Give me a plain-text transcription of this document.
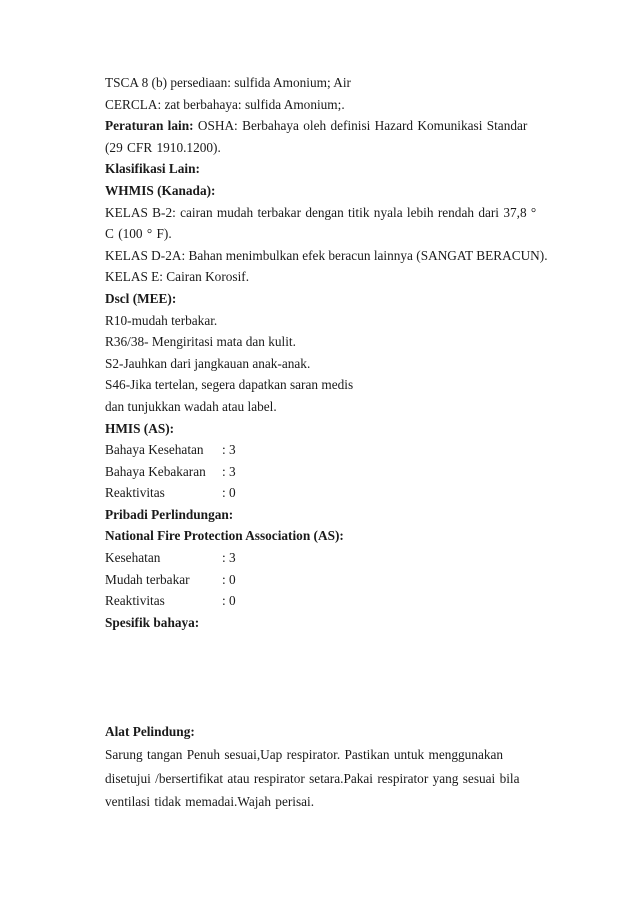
TSCA 8 (b) persediaan: sulfida Amonium; Air
CERCLA: zat berbahaya: sulfida Amonium;.
Peraturan lain: OSHA: Berbahaya oleh definisi Hazard Komunikasi Standar (29 CFR 1910.1200).
Klasifikasi Lain:
WHMIS (Kanada):
KELAS B-2: cairan mudah terbakar dengan titik nyala lebih rendah dari 37,8 ° C (100 ° F).
KELAS D-2A: Bahan menimbulkan efek beracun lainnya (SANGAT BERACUN).
KELAS E: Cairan Korosif.
Dscl (MEE):
R10-mudah terbakar.
R36/38- Mengiritasi mata dan kulit.
S2-Jauhkan dari jangkauan anak-anak.
S46-Jika tertelan, segera dapatkan saran medis
dan tunjukkan wadah atau label.
HMIS (AS):
Bahaya Kesehatan	: 3
Bahaya Kebakaran	: 3
Reaktivitas	: 0
Pribadi Perlindungan:
National Fire Protection Association (AS):
Kesehatan	: 3
Mudah terbakar	: 0
Reaktivitas	: 0
Spesifik bahaya:
Alat Pelindung:
Sarung tangan Penuh sesuai,Uap respirator. Pastikan untuk menggunakan disetujui /bersertifikat atau respirator setara.Pakai respirator yang sesuai bila ventilasi tidak memadai.Wajah perisai.
